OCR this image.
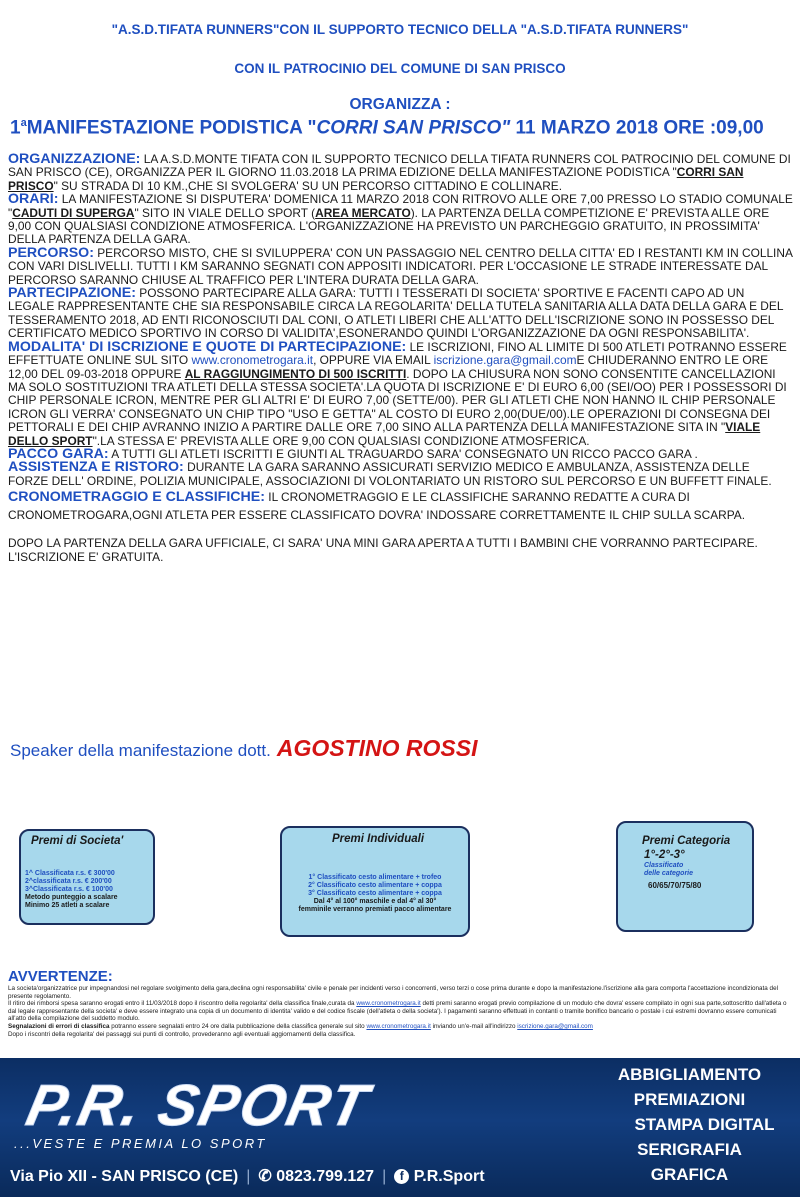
"A.S.D.TIFATA RUNNERS"CON IL SUPPORTO TECNICO DELLA "A.S.D.TIFATA RUNNERS"
CON IL PATROCINIO DEL COMUNE DI SAN PRISCO
ORGANIZZA :
1$^a$MANIFESTAZIONE PODISTICA "CORRI SAN PRISCO" 11 MARZO 2018 ORE :09,00

ORGANIZZAZIONE: LA A.S.D.MONTE TIFATA CON IL SUPPORTO TECNICO DELLA TIFATA RUNNERS COL PATROCINIO DEL COMUNE DI SAN PRISCO (CE), ORGANIZZA PER IL GIORNO 11.03.2018 LA PRIMA EDIZIONE DELLA MANIFESTAZIONE PODISTICA "CORRI SAN PRISCO" SU STRADA DI 10 KM.,CHE SI SVOLGERA' SU UN PERCORSO CITTADINO E COLLINARE.

ORARI: LA MANIFESTAZIONE SI DISPUTERA' DOMENICA 11 MARZO 2018 CON RITROVO ALLE ORE 7,00 PRESSO LO STADIO COMUNALE "CADUTI DI SUPERGA" SITO IN VIALE DELLO SPORT (AREA MERCATO). LA PARTENZA DELLA COMPETIZIONE E' PREVISTA ALLE ORE 9,00 CON QUALSIASI CONDIZIONE ATMOSFERICA. L'ORGANIZZAZIONE HA PREVISTO UN PARCHEGGIO GRATUITO, IN PROSSIMITA' DELLA PARTENZA DELLA GARA.

PERCORSO: PERCORSO MISTO, CHE SI SVILUPPERA' CON UN PASSAGGIO NEL CENTRO DELLA CITTA' ED I RESTANTI KM IN COLLINA CON VARI DISLIVELLI. TUTTI I KM SARANNO SEGNATI CON APPOSITI INDICATORI. PER L'OCCASIONE LE STRADE INTERESSATE DAL PERCORSO SARANNO CHIUSE AL TRAFFICO PER L'INTERA DURATA DELLA GARA.

PARTECIPAZIONE: POSSONO PARTECIPARE ALLA GARA: TUTTI I TESSERATI DI SOCIETA' SPORTIVE E FACENTI CAPO AD UN LEGALE RAPPRESENTANTE CHE SIA RESPONSABILE CIRCA LA REGOLARITA' DELLA TUTELA SANITARIA ALLA DATA DELLA GARA E DEL TESSERAMENTO 2018, AD ENTI RICONOSCIUTI DAL CONI, O ATLETI LIBERI CHE ALL'ATTO DELL'ISCRIZIONE SONO IN POSSESSO DEL CERTIFICATO MEDICO SPORTIVO IN CORSO DI VALIDITA',ESONERANDO QUINDI L'ORGANIZZAZIONE DA OGNI RESPONSABILITA'.

MODALITA' DI ISCRIZIONE E QUOTE DI PARTECIPAZIONE: LE ISCRIZIONI, FINO AL LIMITE DI 500 ATLETI POTRANNO ESSERE EFFETTUATE ONLINE SUL SITO www.cronometrogara.it, OPPURE VIA EMAIL iscrizione.gara@gmail.comE CHIUDERANNO ENTRO LE ORE 12,00 DEL 09-03-2018 OPPURE AL RAGGIUNGIMENTO DI 500 ISCRITTI. DOPO LA CHIUSURA NON SONO CONSENTITE CANCELLAZIONI MA SOLO SOSTITUZIONI TRA ATLETI DELLA STESSA SOCIETA'.LA QUOTA DI ISCRIZIONE E' DI EURO 6,00 (SEI/OO) PER I POSSESSORI DI CHIP PERSONALE ICRON, MENTRE PER GLI ALTRI E' DI EURO 7,00 (SETTE/00). PER GLI ATLETI CHE NON HANNO IL CHIP PERSONALE ICRON GLI VERRA' CONSEGNATO UN CHIP TIPO "USO E GETTA" AL COSTO DI EURO 2,00(DUE/00).LE OPERAZIONI DI CONSEGNA DEI PETTORALI E DEI CHIP AVRANNO INIZIO A PARTIRE DALLE ORE 7,00 SINO ALLA PARTENZA DELLA MANIFESTAZIONE SITA IN "VIALE DELLO SPORT".LA STESSA E' PREVISTA ALLE ORE 9,00 CON QUALSIASI CONDIZIONE ATMOSFERICA.

PACCO GARA: A TUTTI GLI ATLETI ISCRITTI E GIUNTI AL TRAGUARDO SARA' CONSEGNATO UN RICCO PACCO GARA .

ASSISTENZA E RISTORO: DURANTE LA GARA SARANNO ASSICURATI SERVIZIO MEDICO E AMBULANZA, ASSISTENZA DELLE FORZE DELL' ORDINE, POLIZIA MUNICIPALE, ASSOCIAZIONI DI VOLONTARIATO UN RISTORO SUL PERCORSO E UN BUFFETT FINALE.

CRONOMETRAGGIO E CLASSIFICHE: IL CRONOMETRAGGIO E LE CLASSIFICHE SARANNO REDATTE A CURA DI CRONOMETROGARA,OGNI ATLETA PER ESSERE CLASSIFICATO DOVRA' INDOSSARE CORRETTAMENTE IL CHIP SULLA SCARPA.

DOPO LA PARTENZA DELLA GARA UFFICIALE, CI SARA' UNA MINI GARA APERTA A TUTTI I BAMBINI CHE VORRANNO PARTECIPARE. L'ISCRIZIONE E' GRATUITA.

Speaker della manifestazione dott. AGOSTINO ROSSI
Premi di Societa'
1^ Classificata r.s. € 300'00
2^classificata r.s. € 200'00
3^Classificata r.s. € 100'00
Metodo punteggio a scalare
Minimo 25 atleti a scalare
Premi Individuali
1° Classificato cesto alimentare + trofeo
2° Classificato cesto alimentare + coppa
3° Classificato cesto alimentare + coppa
Dal 4° al 100° maschile e dal 4° al 30°
femminile verranno premiati pacco alimentare
Premi Categoria
1°-2°-3°
Classificato
delle categorie
60/65/70/75/80
AVVERTENZE:
La societa'organizzatrice pur impegnandosi nel regolare svolgimento della gara,declina ogni responsabilita' civile e penale per incidenti verso i concorrenti, verso terzi o cose prima durante e dopo la manifestazione.l'iscrizione alla gara comporta l'accettazione incondizionata del presente regolamento.
Il ritiro dei rimborsi spesa saranno erogati entro il 11/03/2018 dopo il riscontro della regolarita' della classifica finale,curata da www.cronometrogara.it detti premi saranno erogati previo compilazione di un modulo che dovra' essere compilato in ogni sua parte,sottoscritto dall'atleta o dal legale rappresentante della societa' e deve essere integrato una copia di un documento di identita' valido e del codice fiscale (dell'atleta o della societa'). I pagamenti saranno effettuati in contanti o tramite bonifico bancario o postale i cui estremi dovranno essere comunicati all'atto della compilazione del suddetto modulo.
Segnalazioni di errori di classifica potranno essere segnalati entro 24 ore dalla pubblicazione della classifica generale sul sito www.cronometrogara.it inviando un'e-mail all'indirizzo iscrizione.gara@gmail.com
Dopo i riscontri della regolarita' dei passaggi sui punti di controllo, provederanno agli eventuali aggiornamenti della classifica.
P.R. SPORT
...VESTE E PREMIA LO SPORT
Via Pio XII - SAN PRISCO (CE) | ✆ 0823.799.127 | f P.R.Sport
ABBIGLIAMENTO
PREMIAZIONI
STAMPA DIGITAL
SERIGRAFIA
GRAFICA
